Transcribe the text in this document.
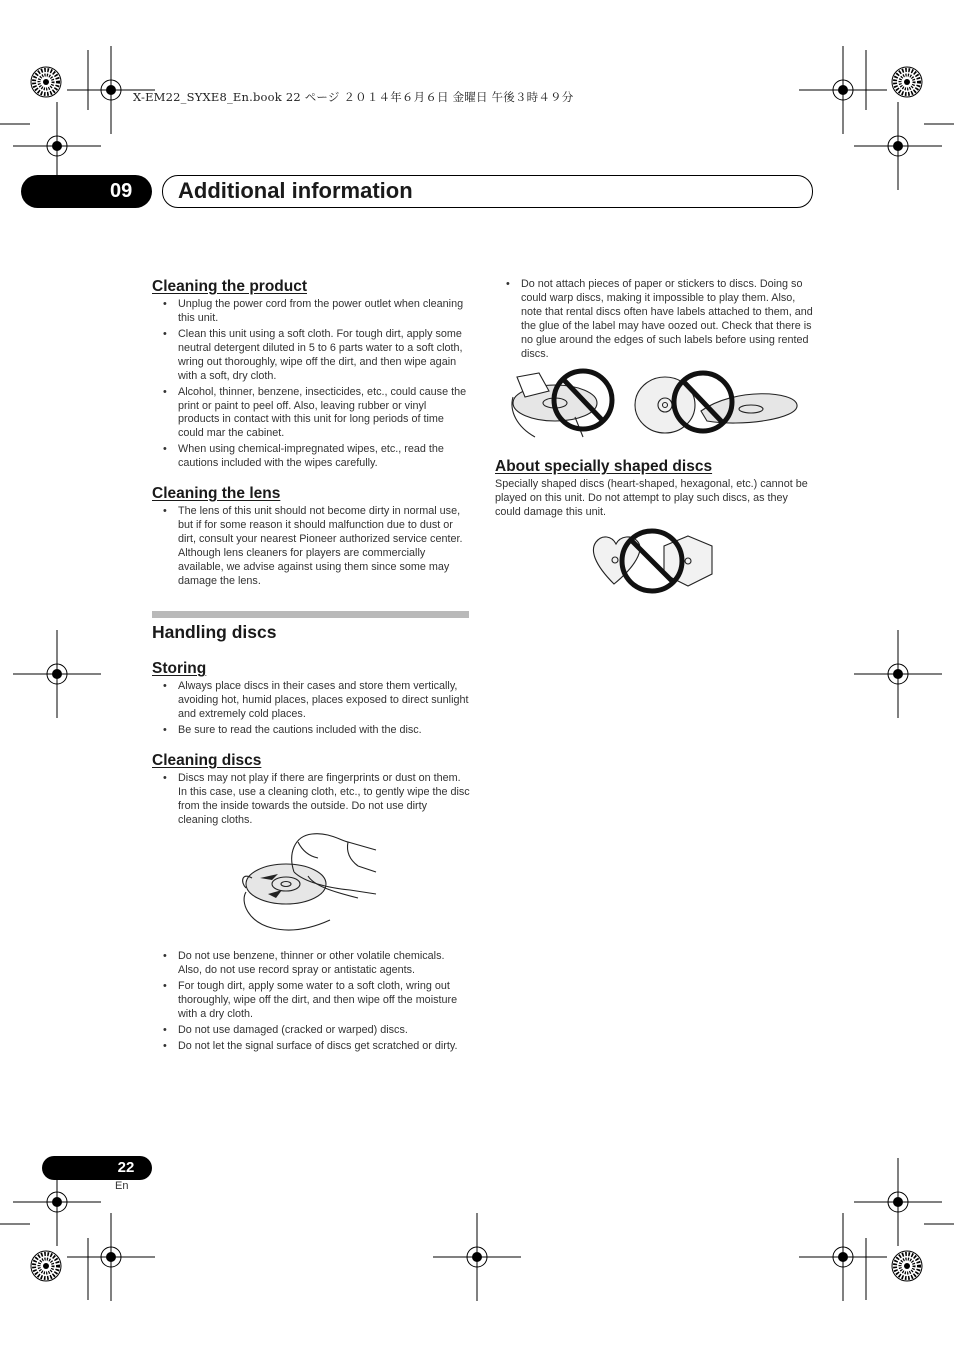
X-EM22_SYXE8_En.book 22 ページ ２０１４年６月６日 金曜日 午後３時４９分
09	Additional information
Cleaning the product
• Unplug the power cord from the power outlet when cleaning this unit.
• Clean this unit using a soft cloth. For tough dirt, apply some neutral detergent diluted in 5 to 6 parts water to a soft cloth, wring out thoroughly, wipe off the dirt, and then wipe again with a soft, dry cloth.
• Alcohol, thinner, benzene, insecticides, etc., could cause the print or paint to peel off. Also, leaving rubber or vinyl products in contact with this unit for long periods of time could mar the cabinet.
• When using chemical-impregnated wipes, etc., read the cautions included with the wipes carefully.
Cleaning the lens
• The lens of this unit should not become dirty in normal use, but if for some reason it should malfunction due to dust or dirt, consult your nearest Pioneer authorized service center. Although lens cleaners for players are commercially available, we advise against using them since some may damage the lens.
Handling discs
Storing
• Always place discs in their cases and store them vertically, avoiding hot, humid places, places exposed to direct sunlight and extremely cold places.
• Be sure to read the cautions included with the disc.
Cleaning discs
• Discs may not play if there are fingerprints or dust on them. In this case, use a cleaning cloth, etc., to gently wipe the disc from the inside towards the outside. Do not use dirty cleaning cloths.
• Do not use benzene, thinner or other volatile chemicals. Also, do not use record spray or antistatic agents.
• For tough dirt, apply some water to a soft cloth, wring out thoroughly, wipe off the dirt, and then wipe off the moisture with a dry cloth.
• Do not use damaged (cracked or warped) discs.
• Do not let the signal surface of discs get scratched or dirty.
• Do not attach pieces of paper or stickers to discs. Doing so could warp discs, making it impossible to play them. Also, note that rental discs often have labels attached to them, and the glue of the label may have oozed out. Check that there is no glue around the edges of such labels before using rented discs.
About specially shaped discs
Specially shaped discs (heart-shaped, hexagonal, etc.) cannot be played on this unit. Do not attempt to play such discs, as they could damage this unit.
22
En
